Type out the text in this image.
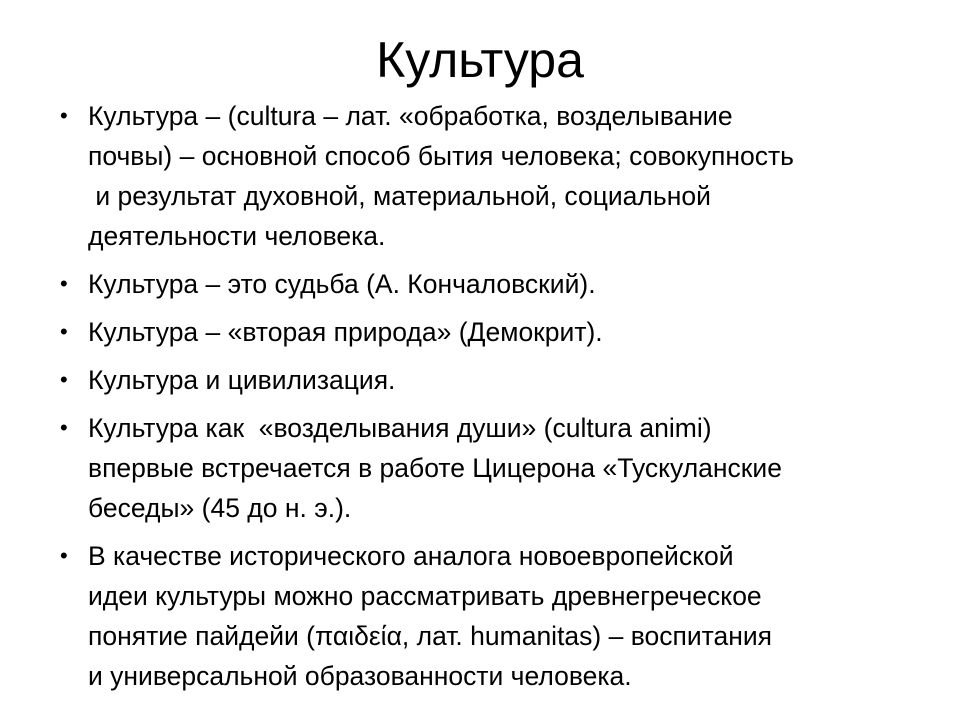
Культура
• Культура – (cultura – лат. «обработка, возделывание
почвы) – основной способ бытия человека; совокупность
и результат духовной, материальной, социальной
деятельности человека.
• Культура – это судьба (А. Кончаловский).
• Культура – «вторая природа» (Демокрит).
• Культура и цивилизация.
• Культура как  «возделывания души» (cultura animi)
впервые встречается в работе Цицерона «Тускуланские
беседы» (45 до н. э.).
• В качестве исторического аналога новоевропейской
идеи культуры можно рассматривать древнегреческое
понятие пайдейи (παιδεία, лат. humanitas) – воспитания
и универсальной образованности человека.
